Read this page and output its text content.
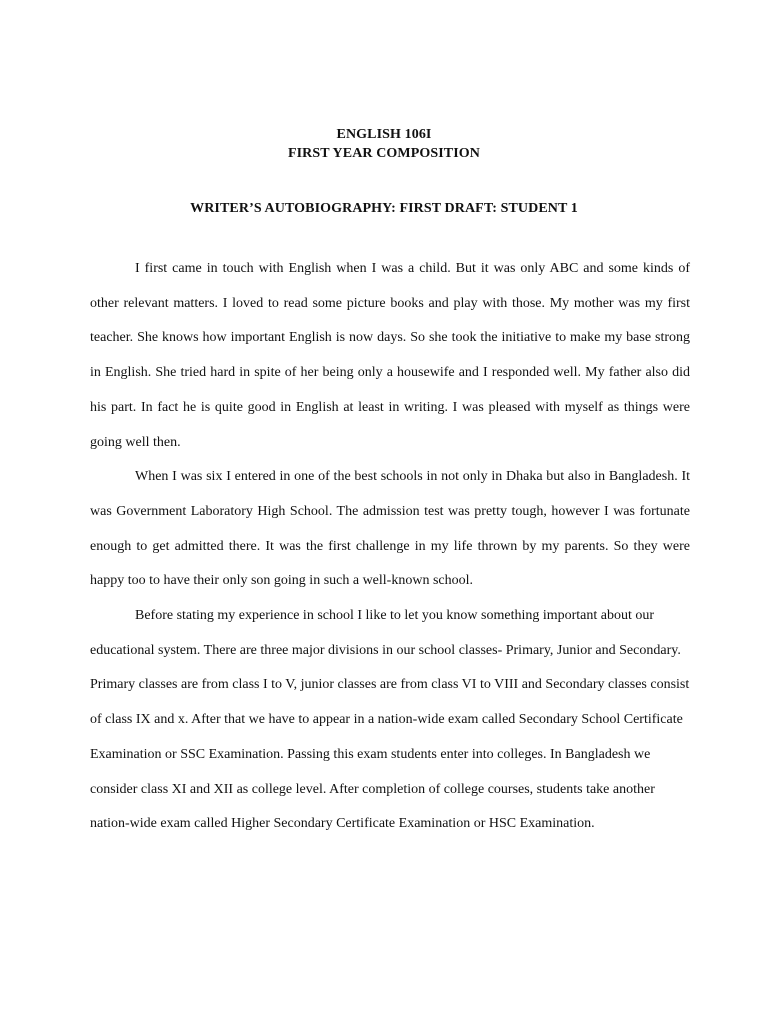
ENGLISH 106I
FIRST YEAR COMPOSITION
WRITER’S AUTOBIOGRAPHY: FIRST DRAFT: STUDENT 1

I first came in touch with English when I was a child. But it was only ABC and some kinds of other relevant matters. I loved to read some picture books and play with those. My mother was my first teacher. She knows how important English is now days. So she took the initiative to make my base strong in English. She tried hard in spite of her being only a housewife and I responded well. My father also did his part. In fact he is quite good in English at least in writing. I was pleased with myself as things were going well then.

When I was six I entered in one of the best schools in not only in Dhaka but also in Bangladesh. It was Government Laboratory High School. The admission test was pretty tough, however I was fortunate enough to get admitted there. It was the first challenge in my life thrown by my parents. So they were happy too to have their only son going in such a well-known school.

Before stating my experience in school I like to let you know something important about our educational system. There are three major divisions in our school classes- Primary, Junior and Secondary. Primary classes are from class I to V, junior classes are from class VI to VIII and Secondary classes consist of class IX and x. After that we have to appear in a nation-wide exam called Secondary School Certificate Examination or SSC Examination. Passing this exam students enter into colleges. In Bangladesh we consider class XI and XII as college level. After completion of college courses, students take another nation-wide exam called Higher Secondary Certificate Examination or HSC Examination.
